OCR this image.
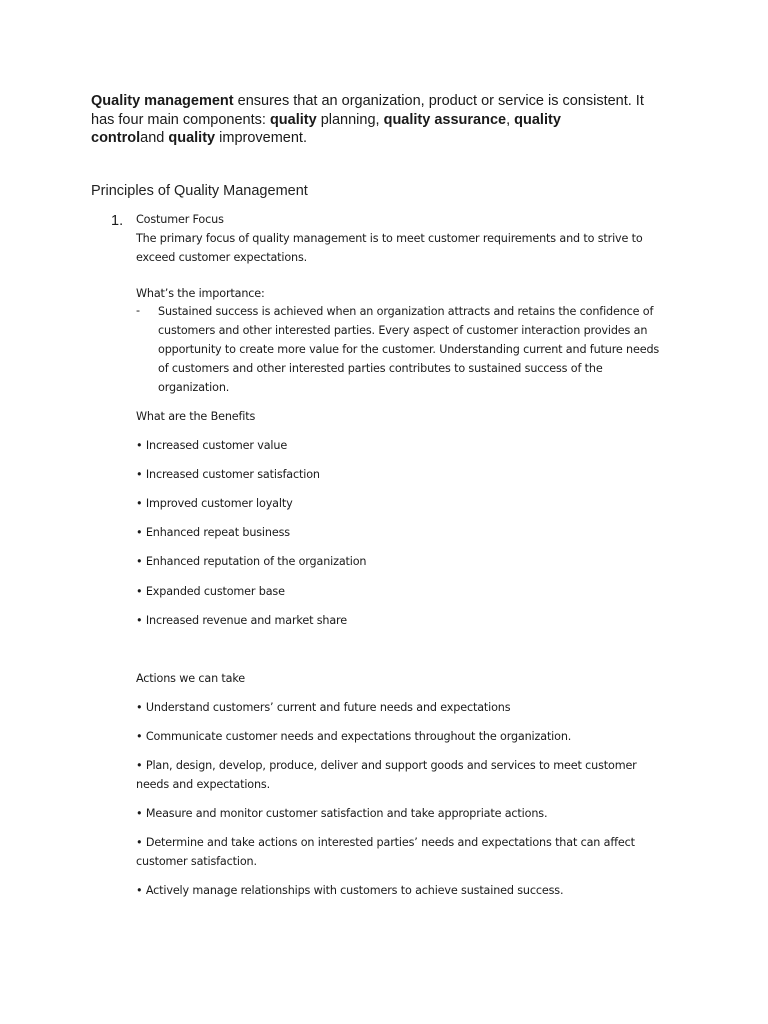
Quality management ensures that an organization, product or service is consistent. It has four main components: quality planning, quality assurance, quality
controland quality improvement.
Principles of Quality Management
1. Costumer Focus
The primary focus of quality management is to meet customer requirements and to strive to
exceed customer expectations.
What’s the importance:
- Sustained success is achieved when an organization attracts and retains the confidence of
customers and other interested parties. Every aspect of customer interaction provides an
opportunity to create more value for the customer. Understanding current and future needs
of customers and other interested parties contributes to sustained success of the
organization.
What are the Benefits
• Increased customer value
• Increased customer satisfaction
• Improved customer loyalty
• Enhanced repeat business
• Enhanced reputation of the organization
• Expanded customer base
• Increased revenue and market share
Actions we can take
• Understand customers’ current and future needs and expectations
• Communicate customer needs and expectations throughout the organization.
• Plan, design, develop, produce, deliver and support goods and services to meet customer
needs and expectations.
• Measure and monitor customer satisfaction and take appropriate actions.
• Determine and take actions on interested parties’ needs and expectations that can affect
customer satisfaction.
• Actively manage relationships with customers to achieve sustained success.
